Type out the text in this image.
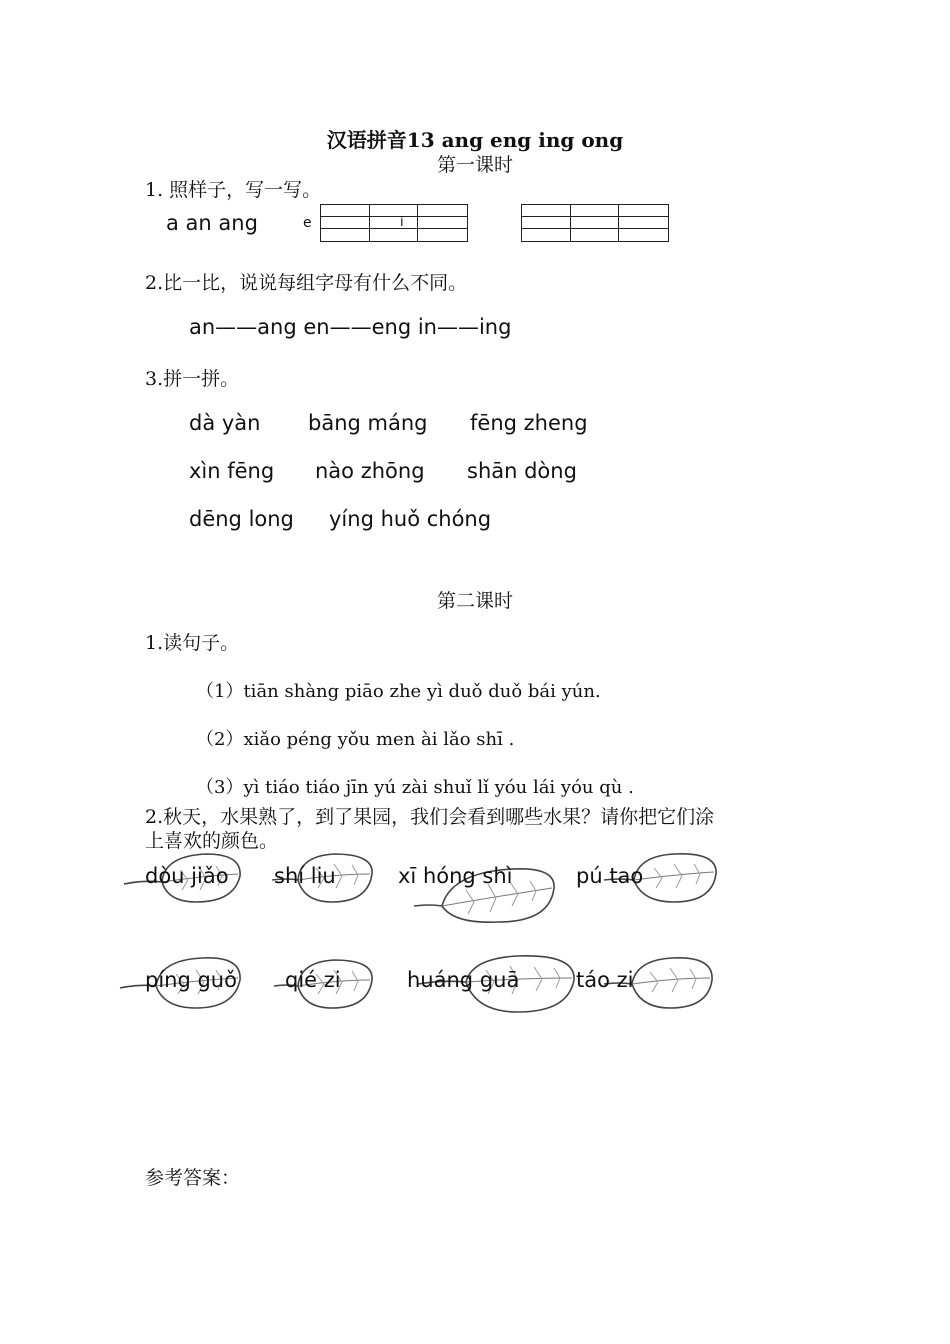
汉语拼音13 ang eng ing ong
第一课时
1. 照样子，写一写。
a an ang	e	i
2.比一比，说说每组字母有什么不同。
an——ang en——eng in——ing
3.拼一拼。
dà yàn bāng máng fēng zheng
xìn fēng nào zhōng shān dòng
dēng long yíng huǒ chóng
第二课时
1.读句子。
（1）tiān shàng piāo zhe yì duǒ duǒ bái yún.
（2）xiǎo péng yǒu men ài lǎo shī .
（3）yì tiáo tiáo jīn yú zài shuǐ lǐ yóu lái yóu qù .
2.秋天，水果熟了，到了果园，我们会看到哪些水果？请你把它们涂
上喜欢的颜色。
dòu jiǎo shí liu	xī hóng shì	pú tao
píng guǒ qié zi	huáng guā	táo zi
参考答案：
